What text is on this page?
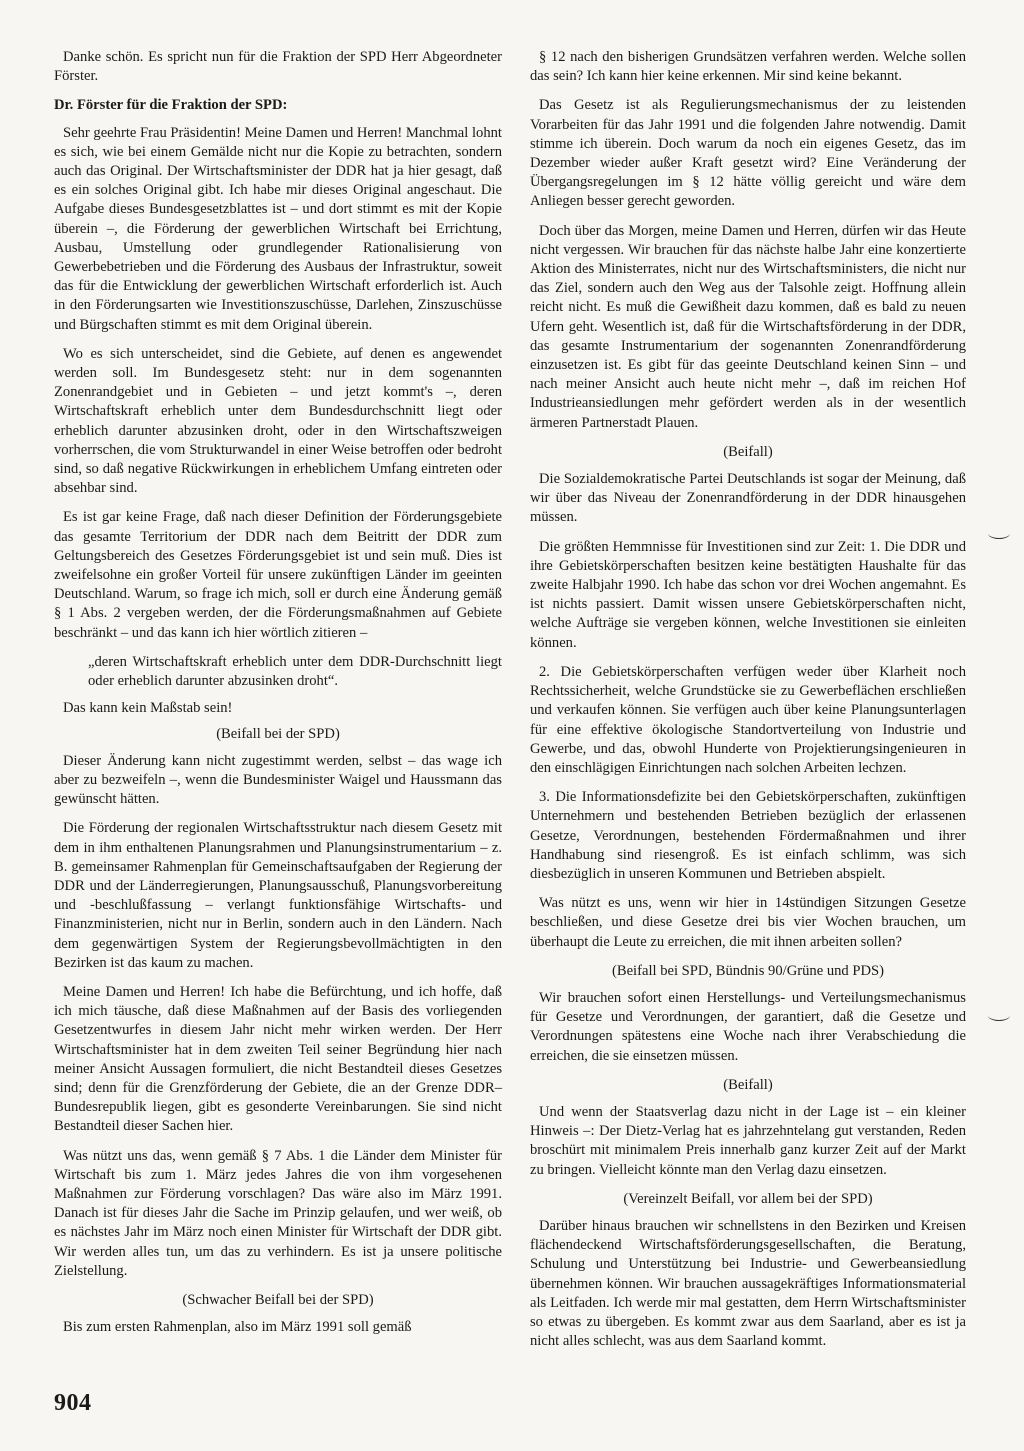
Danke schön. Es spricht nun für die Fraktion der SPD Herr Abgeordneter Förster.

Dr. Förster für die Fraktion der SPD:

Sehr geehrte Frau Präsidentin! Meine Damen und Herren! Manchmal lohnt es sich, wie bei einem Gemälde nicht nur die Kopie zu betrachten, sondern auch das Original. Der Wirtschaftsminister der DDR hat ja hier gesagt, daß es ein solches Original gibt. Ich habe mir dieses Original angeschaut. Die Aufgabe dieses Bundesgesetzblattes ist – und dort stimmt es mit der Kopie überein –, die Förderung der gewerblichen Wirtschaft bei Errichtung, Ausbau, Umstellung oder grundlegender Rationalisierung von Gewerbebetrieben und die Förderung des Ausbaus der Infrastruktur, soweit das für die Entwicklung der gewerblichen Wirtschaft erforderlich ist. Auch in den Förderungsarten wie Investitionszuschüsse, Darlehen, Zinszuschüsse und Bürgschaften stimmt es mit dem Original überein.

Wo es sich unterscheidet, sind die Gebiete, auf denen es angewendet werden soll. Im Bundesgesetz steht: nur in dem sogenannten Zonenrandgebiet und in Gebieten – und jetzt kommt's –, deren Wirtschaftskraft erheblich unter dem Bundesdurchschnitt liegt oder erheblich darunter abzusinken droht, oder in den Wirtschaftszweigen vorherrschen, die vom Strukturwandel in einer Weise betroffen oder bedroht sind, so daß negative Rückwirkungen in erheblichem Umfang eintreten oder absehbar sind.

Es ist gar keine Frage, daß nach dieser Definition der Förderungsgebiete das gesamte Territorium der DDR nach dem Beitritt der DDR zum Geltungsbereich des Gesetzes Förderungsgebiet ist und sein muß. Dies ist zweifelsohne ein großer Vorteil für unsere zukünftigen Länder im geeinten Deutschland. Warum, so frage ich mich, soll er durch eine Änderung gemäß § 1 Abs. 2 vergeben werden, der die Förderungsmaßnahmen auf Gebiete beschränkt – und das kann ich hier wörtlich zitieren –

„deren Wirtschaftskraft erheblich unter dem DDR-Durchschnitt liegt oder erheblich darunter abzusinken droht“.

Das kann kein Maßstab sein!

(Beifall bei der SPD)

Dieser Änderung kann nicht zugestimmt werden, selbst – das wage ich aber zu bezweifeln –, wenn die Bundesminister Waigel und Haussmann das gewünscht hätten.

Die Förderung der regionalen Wirtschaftsstruktur nach diesem Gesetz mit dem in ihm enthaltenen Planungsrahmen und Planungsinstrumentarium – z. B. gemeinsamer Rahmenplan für Gemeinschaftsaufgaben der Regierung der DDR und der Länderregierungen, Planungsausschuß, Planungsvorbereitung und -beschlußfassung – verlangt funktionsfähige Wirtschafts- und Finanzministerien, nicht nur in Berlin, sondern auch in den Ländern. Nach dem gegenwärtigen System der Regierungsbevollmächtigten in den Bezirken ist das kaum zu machen.

Meine Damen und Herren! Ich habe die Befürchtung, und ich hoffe, daß ich mich täusche, daß diese Maßnahmen auf der Basis des vorliegenden Gesetzentwurfes in diesem Jahr nicht mehr wirken werden. Der Herr Wirtschaftsminister hat in dem zweiten Teil seiner Begründung hier nach meiner Ansicht Aussagen formuliert, die nicht Bestandteil dieses Gesetzes sind; denn für die Grenzförderung der Gebiete, die an der Grenze DDR–Bundesrepublik liegen, gibt es gesonderte Vereinbarungen. Sie sind nicht Bestandteil dieser Sachen hier.

Was nützt uns das, wenn gemäß § 7 Abs. 1 die Länder dem Minister für Wirtschaft bis zum 1. März jedes Jahres die von ihm vorgesehenen Maßnahmen zur Förderung vorschlagen? Das wäre also im März 1991. Danach ist für dieses Jahr die Sache im Prinzip gelaufen, und wer weiß, ob es nächstes Jahr im März noch einen Minister für Wirtschaft der DDR gibt. Wir werden alles tun, um das zu verhindern. Es ist ja unsere politische Zielstellung.

(Schwacher Beifall bei der SPD)

Bis zum ersten Rahmenplan, also im März 1991 soll gemäß

§ 12 nach den bisherigen Grundsätzen verfahren werden. Welche sollen das sein? Ich kann hier keine erkennen. Mir sind keine bekannt.

Das Gesetz ist als Regulierungsmechanismus der zu leistenden Vorarbeiten für das Jahr 1991 und die folgenden Jahre notwendig. Damit stimme ich überein. Doch warum da noch ein eigenes Gesetz, das im Dezember wieder außer Kraft gesetzt wird? Eine Veränderung der Übergangsregelungen im § 12 hätte völlig gereicht und wäre dem Anliegen besser gerecht geworden.

Doch über das Morgen, meine Damen und Herren, dürfen wir das Heute nicht vergessen. Wir brauchen für das nächste halbe Jahr eine konzertierte Aktion des Ministerrates, nicht nur des Wirtschaftsministers, die nicht nur das Ziel, sondern auch den Weg aus der Talsohle zeigt. Hoffnung allein reicht nicht. Es muß die Gewißheit dazu kommen, daß es bald zu neuen Ufern geht. Wesentlich ist, daß für die Wirtschaftsförderung in der DDR, das gesamte Instrumentarium der sogenannten Zonenrandförderung einzusetzen ist. Es gibt für das geeinte Deutschland keinen Sinn – und nach meiner Ansicht auch heute nicht mehr –, daß im reichen Hof Industrieansiedlungen mehr gefördert werden als in der wesentlich ärmeren Partnerstadt Plauen.

(Beifall)

Die Sozialdemokratische Partei Deutschlands ist sogar der Meinung, daß wir über das Niveau der Zonenrandförderung in der DDR hinausgehen müssen.

Die größten Hemmnisse für Investitionen sind zur Zeit: 1. Die DDR und ihre Gebietskörperschaften besitzen keine bestätigten Haushalte für das zweite Halbjahr 1990. Ich habe das schon vor drei Wochen angemahnt. Es ist nichts passiert. Damit wissen unsere Gebietskörperschaften nicht, welche Aufträge sie vergeben können, welche Investitionen sie einleiten können.

2. Die Gebietskörperschaften verfügen weder über Klarheit noch Rechtssicherheit, welche Grundstücke sie zu Gewerbeflächen erschließen und verkaufen können. Sie verfügen auch über keine Planungsunterlagen für eine effektive ökologische Standortverteilung von Industrie und Gewerbe, und das, obwohl Hunderte von Projektierungsingenieuren in den einschlägigen Einrichtungen nach solchen Arbeiten lechzen.

3. Die Informationsdefizite bei den Gebietskörperschaften, zukünftigen Unternehmern und bestehenden Betrieben bezüglich der erlassenen Gesetze, Verordnungen, bestehenden Fördermaßnahmen und ihrer Handhabung sind riesengroß. Es ist einfach schlimm, was sich diesbezüglich in unseren Kommunen und Betrieben abspielt.

Was nützt es uns, wenn wir hier in 14stündigen Sitzungen Gesetze beschließen, und diese Gesetze drei bis vier Wochen brauchen, um überhaupt die Leute zu erreichen, die mit ihnen arbeiten sollen?

(Beifall bei SPD, Bündnis 90/Grüne und PDS)

Wir brauchen sofort einen Herstellungs- und Verteilungsmechanismus für Gesetze und Verordnungen, der garantiert, daß die Gesetze und Verordnungen spätestens eine Woche nach ihrer Verabschiedung die erreichen, die sie einsetzen müssen.

(Beifall)

Und wenn der Staatsverlag dazu nicht in der Lage ist – ein kleiner Hinweis –: Der Dietz-Verlag hat es jahrzehntelang gut verstanden, Reden broschürt mit minimalem Preis innerhalb ganz kurzer Zeit auf der Markt zu bringen. Vielleicht könnte man den Verlag dazu einsetzen.

(Vereinzelt Beifall, vor allem bei der SPD)

Darüber hinaus brauchen wir schnellstens in den Bezirken und Kreisen flächendeckend Wirtschaftsförderungsgesellschaften, die Beratung, Schulung und Unterstützung bei Industrie- und Gewerbeansiedlung übernehmen können. Wir brauchen aussagekräftiges Informationsmaterial als Leitfaden. Ich werde mir mal gestatten, dem Herrn Wirtschaftsminister so etwas zu übergeben. Es kommt zwar aus dem Saarland, aber es ist ja nicht alles schlecht, was aus dem Saarland kommt.

904
